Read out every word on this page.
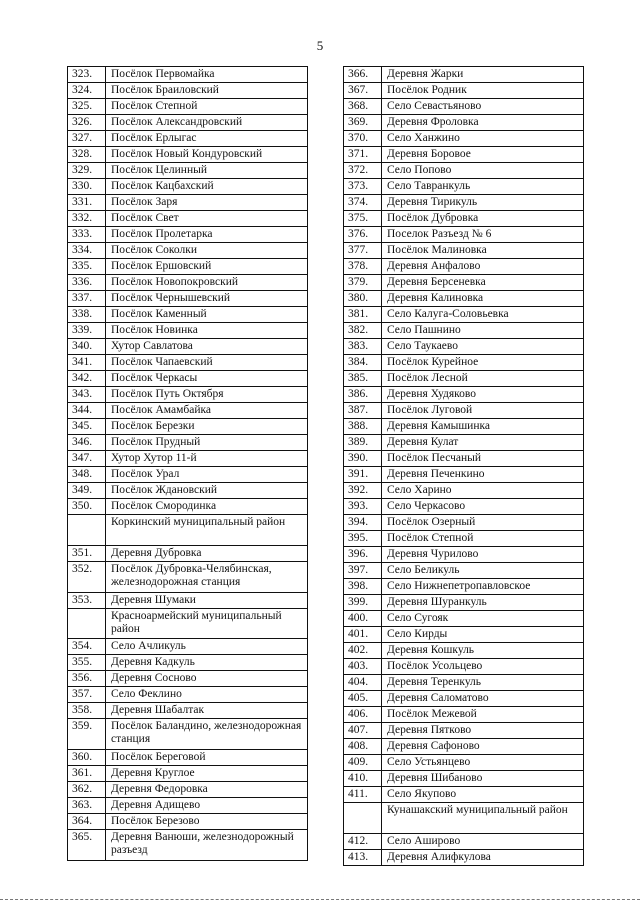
5
323.	Посёлок Первомайка
324.	Посёлок Браиловский
325.	Посёлок Степной
326.	Посёлок Александровский
327.	Посёлок Ерлыгас
328.	Посёлок Новый Кондуровский
329.	Посёлок Целинный
330.	Посёлок Кацбахский
331.	Посёлок Заря
332.	Посёлок Свет
333.	Посёлок Пролетарка
334.	Посёлок Соколки
335.	Посёлок Ершовский
336.	Посёлок Новопокровский
337.	Посёлок Чернышевский
338.	Посёлок Каменный
339.	Посёлок Новинка
340.	Хутор Савлатова
341.	Посёлок Чапаевский
342.	Посёлок Черкасы
343.	Посёлок Путь Октября
344.	Посёлок Амамбайка
345.	Посёлок Березки
346.	Посёлок Прудный
347.	Хутор Хутор 11-й
348.	Посёлок Урал
349.	Посёлок Ждановский
350.	Посёлок Смородинка
	Коркинский муниципальный район
351.	Деревня Дубровка
352.	Посёлок Дубровка-Челябинская, железнодорожная станция
353.	Деревня Шумаки
	Красноармейский муниципальный район
354.	Село Ачликуль
355.	Деревня Кадкуль
356.	Деревня Сосново
357.	Село Феклино
358.	Деревня Шабалтак
359.	Посёлок Баландино, железнодорожная станция
360.	Посёлок Береговой
361.	Деревня Круглое
362.	Деревня Федоровка
363.	Деревня Адищево
364.	Посёлок Березово
365.	Деревня Ванюши, железнодорожный разъезд
366.	Деревня Жарки
367.	Посёлок Родник
368.	Село Севастьяново
369.	Деревня Фроловка
370.	Село Ханжино
371.	Деревня Боровое
372.	Село Попово
373.	Село Тавранкуль
374.	Деревня Тирикуль
375.	Посёлок Дубровка
376.	Поселок Разъезд № 6
377.	Посёлок Малиновка
378.	Деревня Анфалово
379.	Деревня Берсеневка
380.	Деревня Калиновка
381.	Село Калуга-Соловьевка
382.	Село Пашнино
383.	Село Таукаево
384.	Посёлок Курейное
385.	Посёлок Лесной
386.	Деревня Худяково
387.	Посёлок Луговой
388.	Деревня Камышинка
389.	Деревня Кулат
390.	Посёлок Песчаный
391.	Деревня Печенкино
392.	Село Харино
393.	Село Черкасово
394.	Посёлок Озерный
395.	Посёлок Степной
396.	Деревня Чурилово
397.	Село Беликуль
398.	Село Нижнепетропавловское
399.	Деревня Шуранкуль
400.	Село Сугояк
401.	Село Кирды
402.	Деревня Кошкуль
403.	Посёлок Усольцево
404.	Деревня Теренкуль
405.	Деревня Саломатово
406.	Посёлок Межевой
407.	Деревня Пятково
408.	Деревня Сафоново
409.	Село Устьянцево
410.	Деревня Шибаново
411.	Село Якупово
	Кунашакский муниципальный район
412.	Село Аширово
413.	Деревня Алифкулова
